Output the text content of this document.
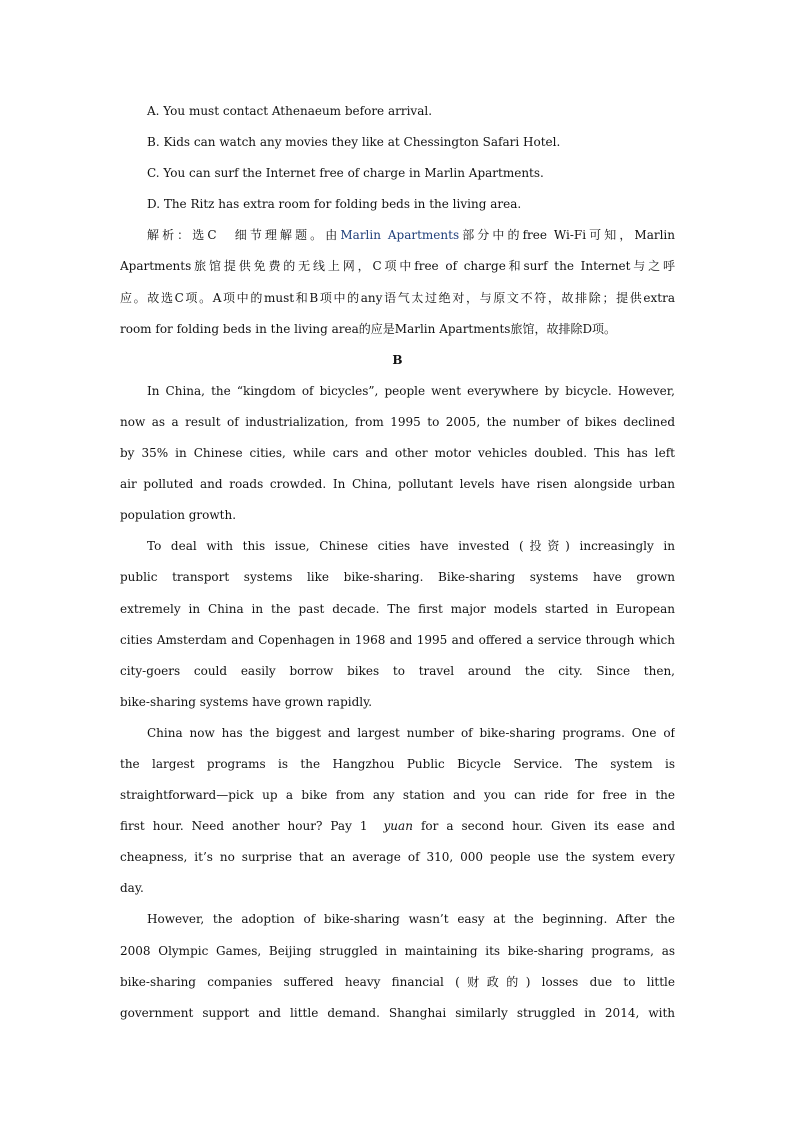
A. You must contact Athenaeum before arrival.
B. Kids can watch any movies they like at Chessington Safari Hotel.
C. You can surf the Internet free of charge in Marlin Apartments.
D. The Ritz has extra room for folding beds in the living area.
解析：选C　细节理解题。由Marlin Apartments部分中的free Wi-Fi可知，Marlin
Apartments旅馆提供免费的无线上网，C项中free of charge和surf the Internet与之呼
应。故选C项。A项中的must和B项中的any语气太过绝对，与原文不符，故排除；提供extra
room for folding beds in the living area的应是Marlin Apartments旅馆，故排除D项。
B
In China, the “kingdom of bicycles”, people went everywhere by bicycle. However,
now as a result of industrialization, from 1995 to 2005, the number of bikes declined
by 35% in Chinese cities, while cars and other motor vehicles doubled. This has left
air polluted and roads crowded. In China, pollutant levels have risen alongside urban
population growth.
To deal with this issue, Chinese cities have invested (投资) increasingly in
public transport systems like bike-sharing. Bike-sharing systems have grown
extremely in China in the past decade. The first major models started in European
cities Amsterdam and Copenhagen in 1968 and 1995 and offered a service through which
city-goers could easily borrow bikes to travel around the city. Since then,
bike-sharing systems have grown rapidly.
China now has the biggest and largest number of bike-sharing programs. One of
the largest programs is the Hangzhou Public Bicycle Service. The system is
straightforward—pick up a bike from any station and you can ride for free in the
first hour. Need another hour? Pay 1 yuan for a second hour. Given its ease and
cheapness, it’s no surprise that an average of 310, 000 people use the system every
day.
However, the adoption of bike-sharing wasn’t easy at the beginning. After the
2008 Olympic Games, Beijing struggled in maintaining its bike-sharing programs, as
bike-sharing companies suffered heavy financial (财政的) losses due to little
government support and little demand. Shanghai similarly struggled in 2014, with
